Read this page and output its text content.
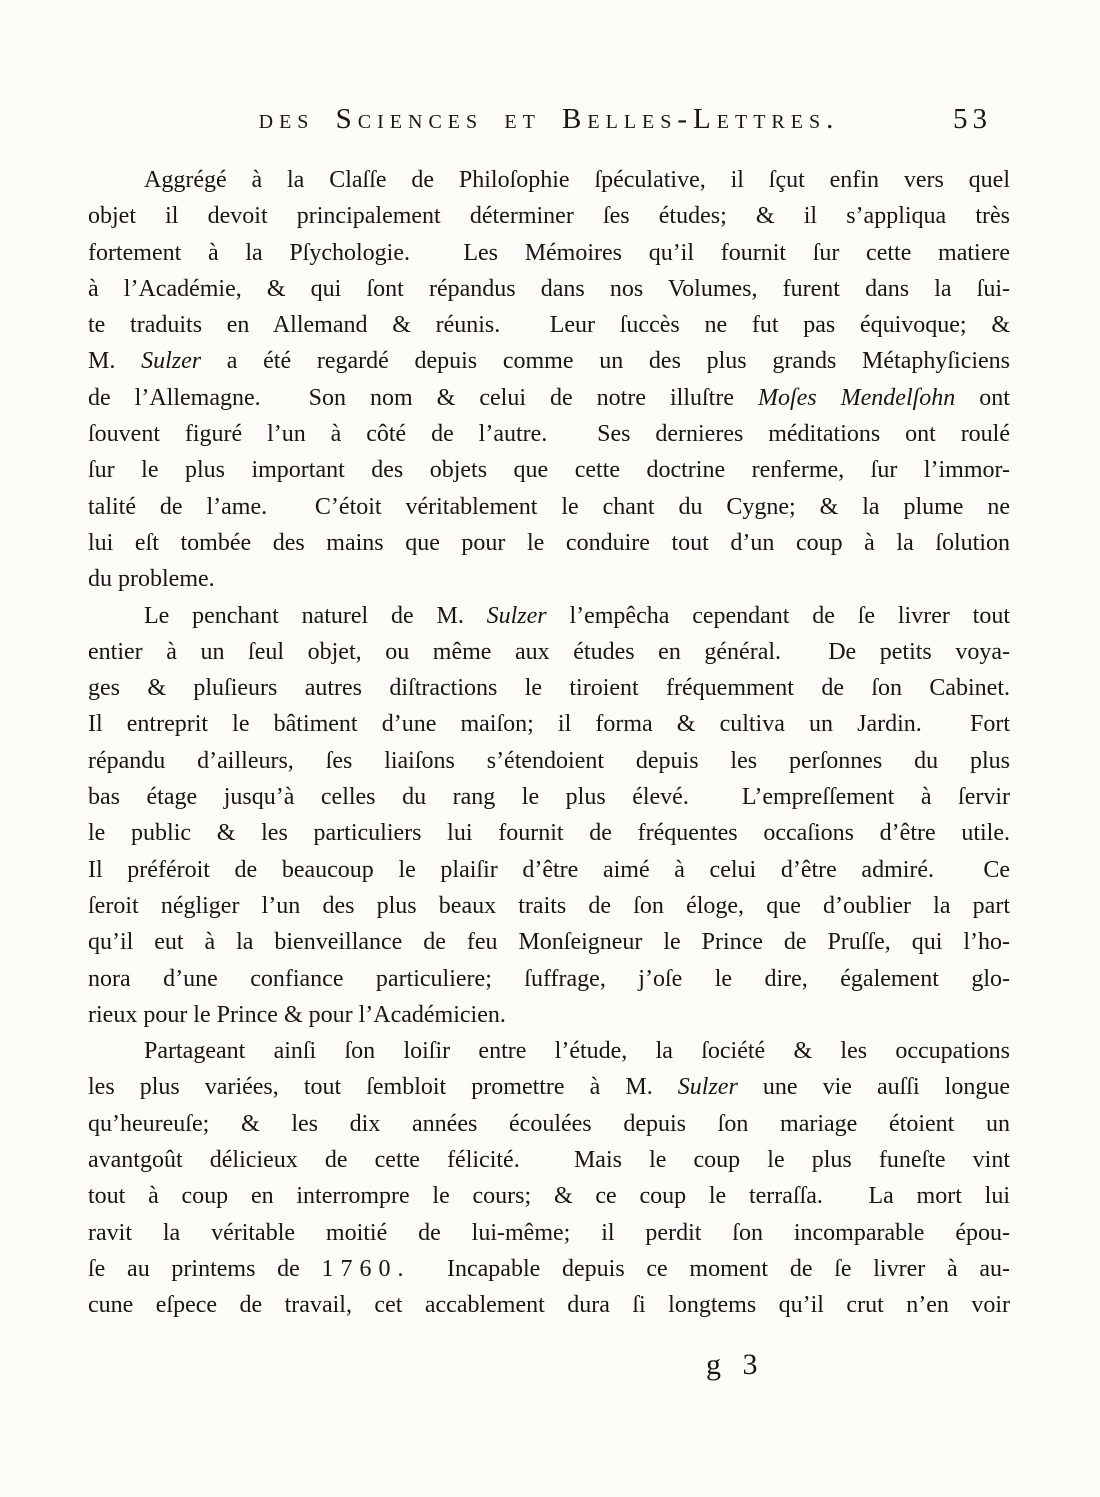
des Sciences et Belles-Lettres.	53
Aggrégé à la Claſſe de Philoſophie ſpéculative, il ſçut enfin vers quel
objet il devoit principalement déterminer ſes études; & il s’appliqua très
fortement à la Pſychologie.  Les Mémoires qu’il fournit ſur cette matiere
à l’Académie, & qui ſont répandus dans nos Volumes, furent dans la ſui-
te traduits en Allemand & réunis.  Leur ſuccès ne fut pas équivoque; &
M. Sulzer a été regardé depuis comme un des plus grands Métaphyſiciens
de l’Allemagne.  Son nom & celui de notre illuſtre Moſes Mendelſohn ont
ſouvent figuré l’un à côté de l’autre.  Ses dernieres méditations ont roulé
ſur le plus important des objets que cette doctrine renferme, ſur l’immor-
talité de l’ame.  C’étoit véritablement le chant du Cygne; & la plume ne
lui eſt tombée des mains que pour le conduire tout d’un coup à la ſolution
du probleme.
Le penchant naturel de M. Sulzer l’empêcha cependant de ſe livrer tout
entier à un ſeul objet, ou même aux études en général.  De petits voya-
ges & pluſieurs autres diſtractions le tiroient fréquemment de ſon Cabinet.
Il entreprit le bâtiment d’une maiſon; il forma & cultiva un Jardin.  Fort
répandu d’ailleurs, ſes liaiſons s’étendoient depuis les perſonnes du plus
bas étage jusqu’à celles du rang le plus élevé.  L’empreſſement à ſervir
le public & les particuliers lui fournit de fréquentes occaſions d’être utile.
Il préféroit de beaucoup le plaiſir d’être aimé à celui d’être admiré.  Ce
ſeroit négliger l’un des plus beaux traits de ſon éloge, que d’oublier la part
qu’il eut à la bienveillance de feu Monſeigneur le Prince de Pruſſe, qui l’ho-
nora d’une confiance particuliere; ſuffrage, j’oſe le dire, également glo-
rieux pour le Prince & pour l’Académicien.
Partageant ainſi ſon loiſir entre l’étude, la ſociété & les occupations
les plus variées, tout ſembloit promettre à M. Sulzer une vie auſſi longue
qu’heureuſe; & les dix années écoulées depuis ſon mariage étoient un
avantgoût délicieux de cette félicité.  Mais le coup le plus funeſte vint
tout à coup en interrompre le cours; & ce coup le terraſſa.  La mort lui
ravit la véritable moitié de lui-même; il perdit ſon incomparable épou-
ſe au printems de 1760.  Incapable depuis ce moment de ſe livrer à au-
cune eſpece de travail, cet accablement dura ſi longtems qu’il crut n’en voir
g 3
